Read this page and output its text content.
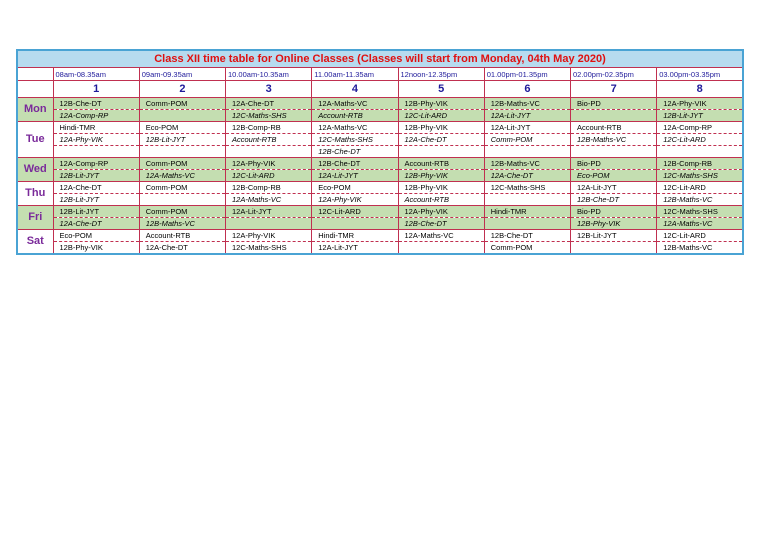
Class XII time table for Online Classes (Classes will start from Monday, 04th May 2020)								
	08am-08.35am	09am-09.35am	10.00am-10.35am	11.00am-11.35am	12noon-12.35pm	01.00pm-01.35pm	02.00pm-02.35pm	03.00pm-03.35pm
	1	2	3	4	5	6	7	8
Mon	12B-Che-DT	Comm-POM	12A-Che-DT	12A-Maths-VC	12B-Phy-VIK	12B-Maths-VC	Bio-PD	12A-Phy-VIK
	12A-Comp-RP		12C-Maths-SHS	Account-RTB	12C-Lit-ARD	12A-Lit-JYT		12B-Lit-JYT
Tue	Hindi-TMR	Eco-POM	12B-Comp-RB	12A-Maths-VC	12B-Phy-VIK	12A-Lit-JYT	Account-RTB	12A-Comp-RP
	12A-Phy-VIK	12B-Lit-JYT	Account-RTB	12C-Maths-SHS	12A-Che-DT	Comm-POM	12B-Maths-VC	12C-Lit-ARD
				12B-Che-DT				
Wed	12A-Comp-RP	Comm-POM	12A-Phy-VIK	12B-Che-DT	Account-RTB	12B-Maths-VC	Bio-PD	12B-Comp-RB
	12B-Lit-JYT	12A-Maths-VC	12C-Lit-ARD	12A-Lit-JYT	12B-Phy-VIK	12A-Che-DT	Eco-POM	12C-Maths-SHS
Thu	12A-Che-DT	Comm-POM	12B-Comp-RB	Eco-POM	12B-Phy-VIK	12C-Maths-SHS	12A-Lit-JYT	12C-Lit-ARD
	12B-Lit-JYT		12A-Maths-VC	12A-Phy-VIK	Account-RTB		12B-Che-DT	12B-Maths-VC
Fri	12B-Lit-JYT	Comm-POM	12A-Lit-JYT	12C-Lit-ARD	12A-Phy-VIK	Hindi-TMR	Bio-PD	12C-Maths-SHS
	12A-Che-DT	12B-Maths-VC			12B-Che-DT		12B-Phy-VIK	12A-Maths-VC
Sat	Eco-POM	Account-RTB	12A-Phy-VIK	Hindi-TMR	12A-Maths-VC	12B-Che-DT	12B-Lit-JYT	12C-Lit-ARD
	12B-Phy-VIK	12A-Che-DT	12C-Maths-SHS	12A-Lit-JYT		Comm-POM		12B-Maths-VC
